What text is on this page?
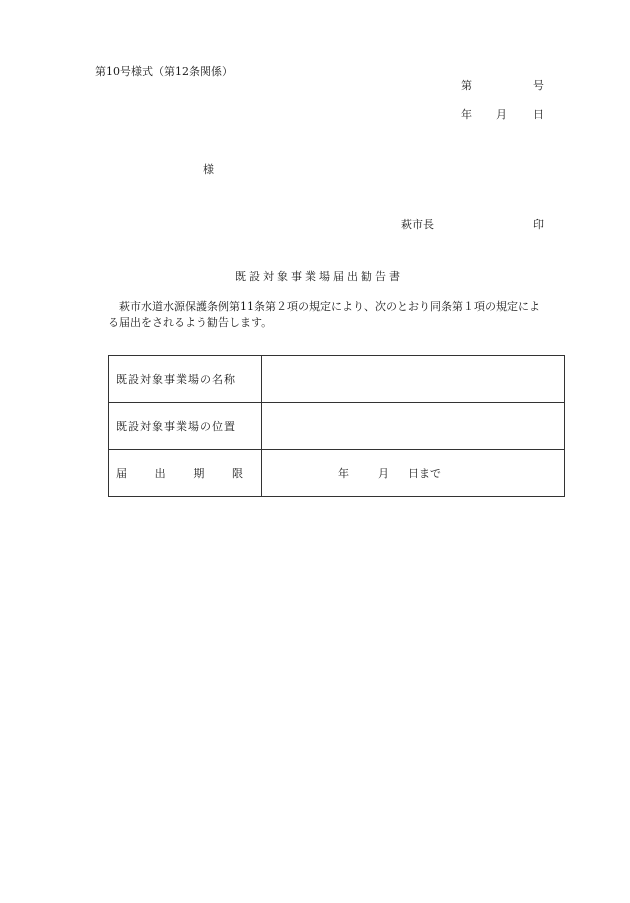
第10号様式（第12条関係）
第	号
年 月 日
様
萩市長	印
既設対象事業場届出勧告書
萩市水道水源保護条例第11条第２項の規定により、次のとおり同条第１項の規定によ
る届出をされるよう勧告します。
既設対象事業場の名称	
既設対象事業場の位置	

届 出 期 限	年 月 日まで
